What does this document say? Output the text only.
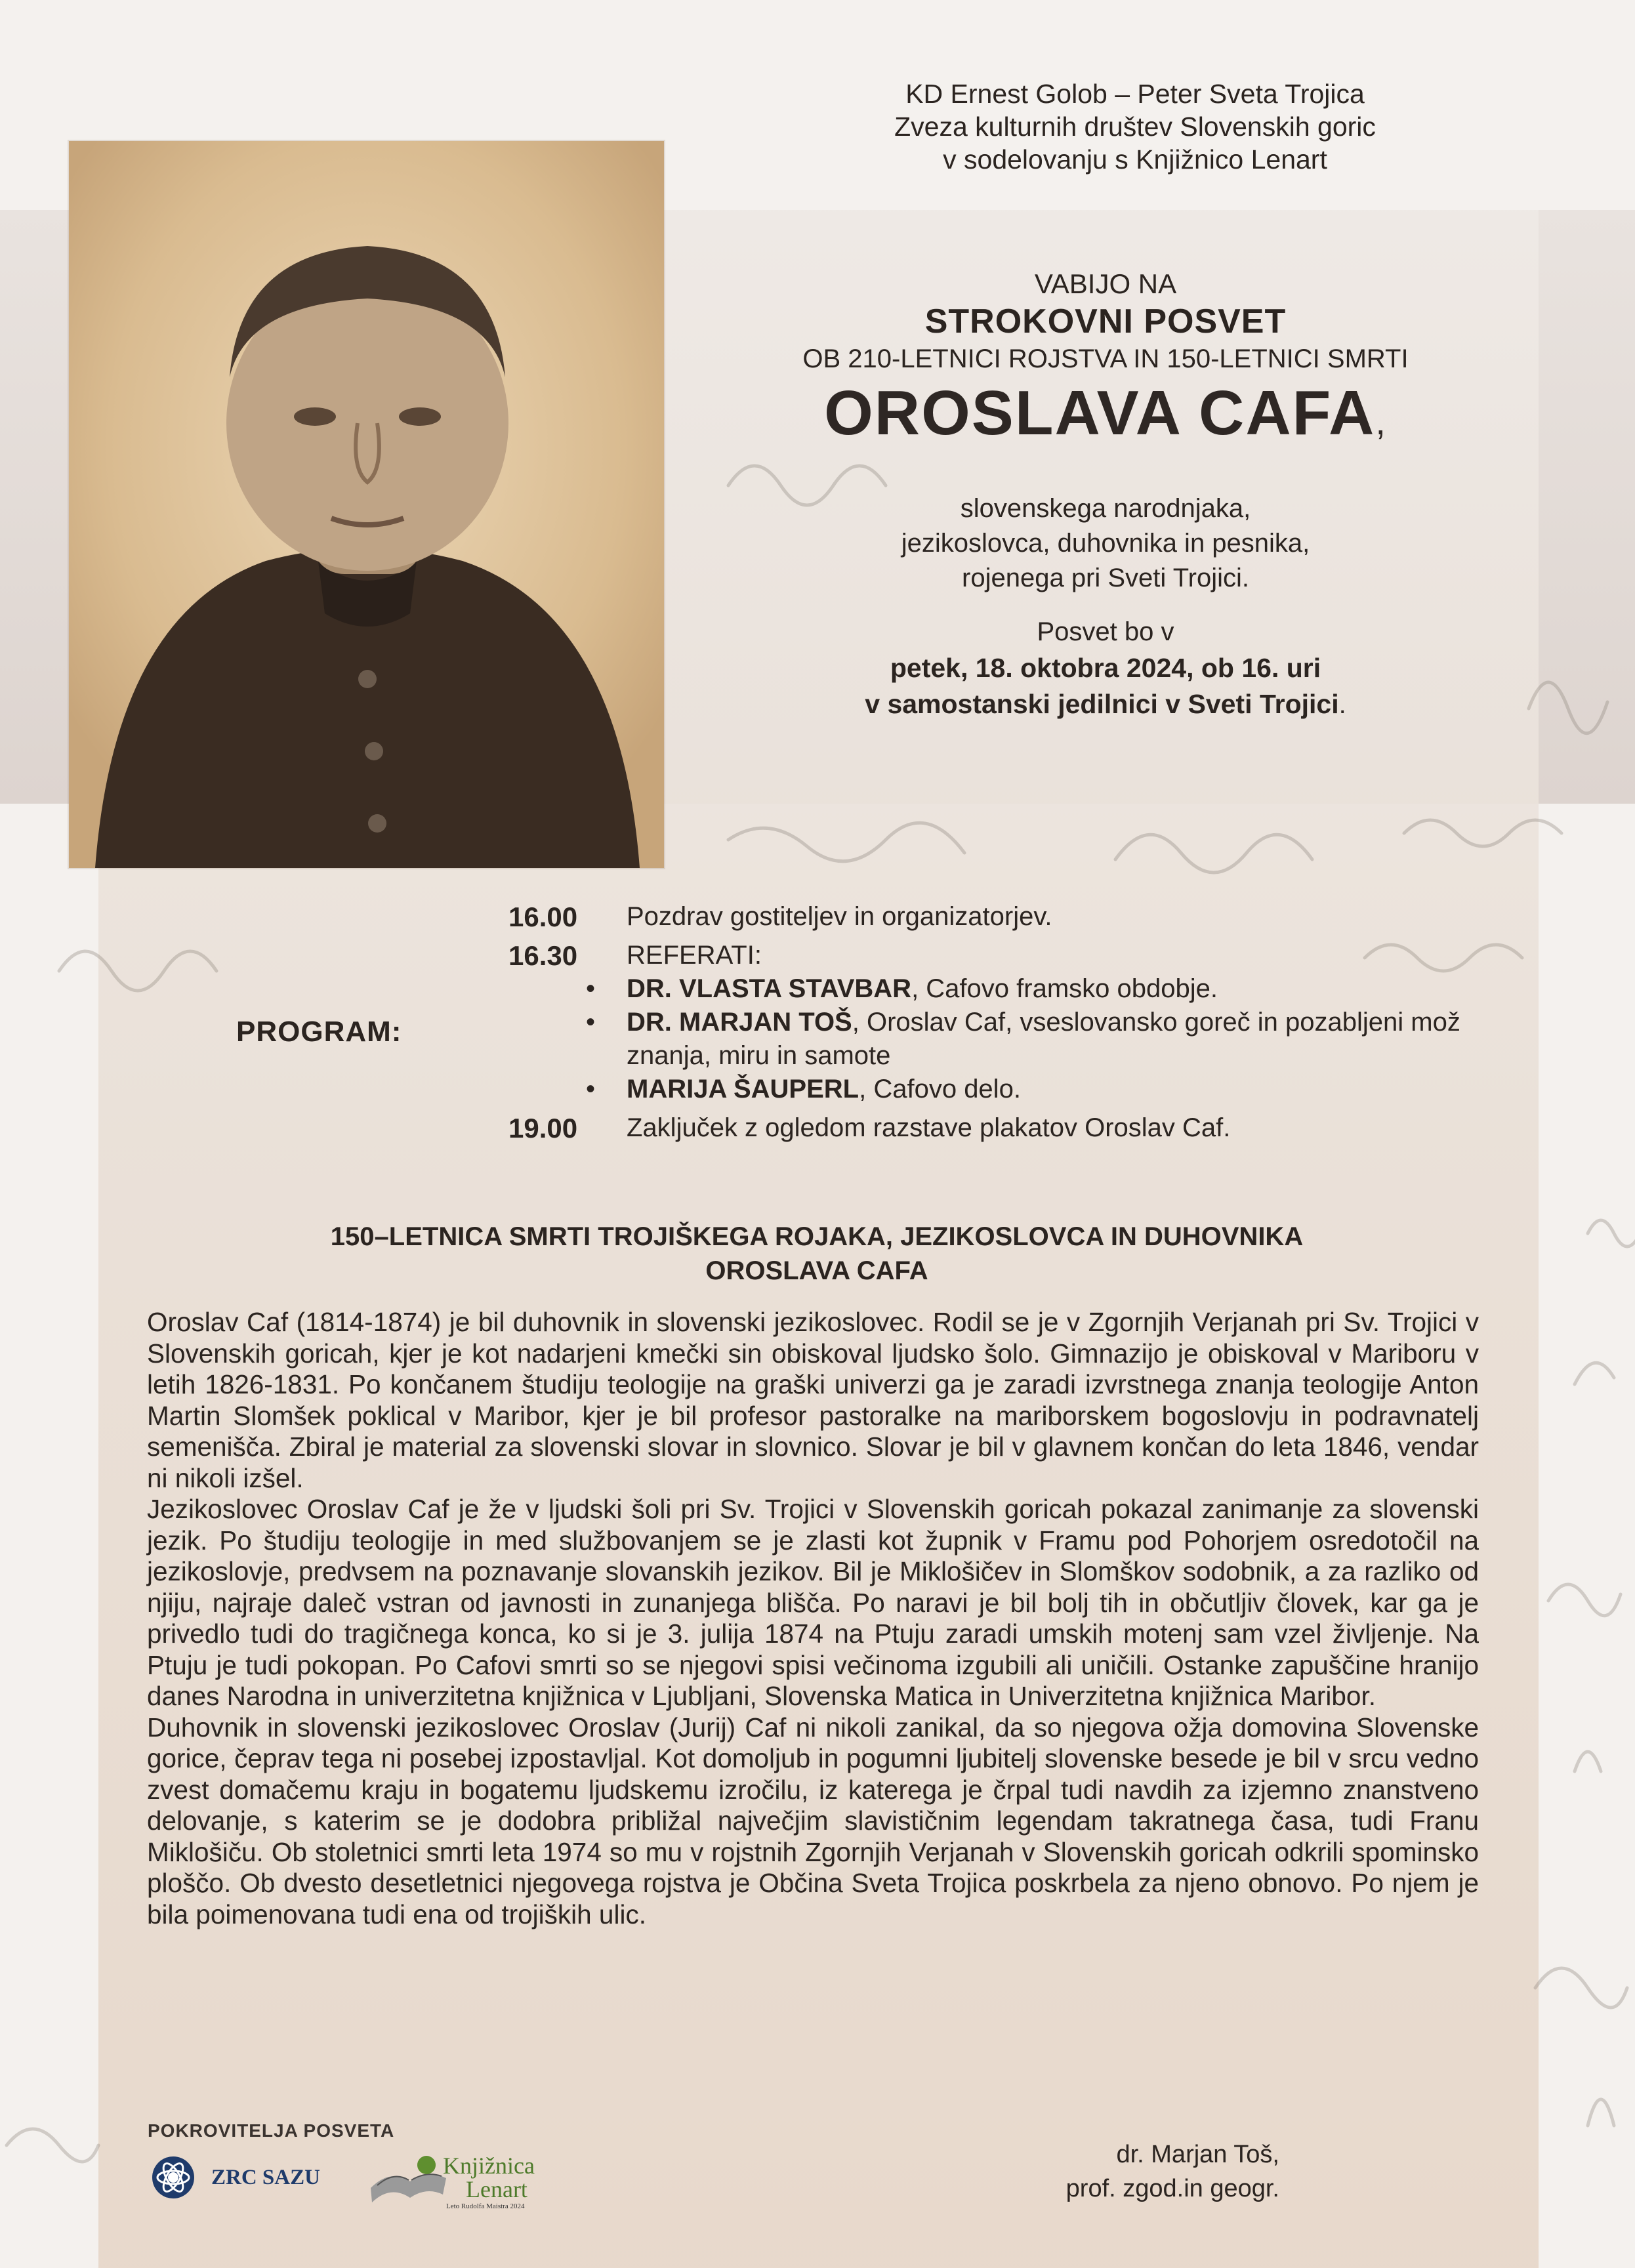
KD Ernest Golob – Peter Sveta Trojica
Zveza kulturnih društev Slovenskih goric
v sodelovanju s Knjižnico Lenart
VABIJO NA
STROKOVNI POSVET
OB 210-LETNICI ROJSTVA IN 150-LETNICI SMRTI
OROSLAVA CAFA,
slovenskega narodnjaka,
jezikoslovca, duhovnika in pesnika,
rojenega pri Sveti Trojici.
Posvet bo v
petek, 18. oktobra 2024, ob 16. uri
v samostanski jedilnici v Sveti Trojici.
PROGRAM:
16.00	Pozdrav gostiteljev in organizatorjev.
16.30	REFERATI:
• DR. VLASTA STAVBAR, Cafovo framsko obdobje.
• DR. MARJAN TOŠ, Oroslav Caf, vseslovansko goreč in pozabljeni mož znanja, miru in samote
• MARIJA ŠAUPERL, Cafovo delo.
19.00	Zaključek z ogledom razstave plakatov Oroslav Caf.
150–LETNICA SMRTI TROJIŠKEGA ROJAKA, JEZIKOSLOVCA IN DUHOVNIKA
OROSLAVA CAFA

Oroslav Caf (1814-1874) je bil duhovnik in slovenski jezikoslovec. Rodil se je v Zgornjih Verjanah pri Sv. Trojici v Slovenskih goricah, kjer je kot nadarjeni kmečki sin obiskoval ljudsko šolo. Gimnazijo je obiskoval v Mariboru v letih 1826-1831. Po končanem študiju teologije na graški univerzi ga je zaradi izvrstnega znanja teologije Anton Martin Slomšek poklical v Maribor, kjer je bil profesor pastoralke na mariborskem bogoslovju in podravnatelj semenišča. Zbiral je material za slovenski slovar in slovnico. Slovar je bil v glavnem končan do leta 1846, vendar ni nikoli izšel.

Jezikoslovec Oroslav Caf je že v ljudski šoli pri Sv. Trojici v Slovenskih goricah pokazal zanimanje za slovenski jezik. Po študiju teologije in med službovanjem se je zlasti kot župnik v Framu pod Pohorjem osredotočil na jezikoslovje, predvsem na poznavanje slovanskih jezikov. Bil je Miklošičev in Slomškov sodobnik, a za razliko od njiju, najraje daleč vstran od javnosti in zunanjega blišča. Po naravi je bil bolj tih in občutljiv človek, kar ga je privedlo tudi do tragičnega konca, ko si je 3. julija 1874 na Ptuju zaradi umskih motenj sam vzel življenje. Na Ptuju je tudi pokopan. Po Cafovi smrti so se njegovi spisi večinoma izgubili ali uničili. Ostanke zapuščine hranijo danes Narodna in univerzitetna knjižnica v Ljubljani, Slovenska Matica in Univerzitetna knjižnica Maribor.

Duhovnik in slovenski jezikoslovec Oroslav (Jurij) Caf ni nikoli zanikal, da so njegova ožja domovina Slovenske gorice, čeprav tega ni posebej izpostavljal. Kot domoljub in pogumni ljubitelj slovenske besede je bil v srcu vedno zvest domačemu kraju in bogatemu ljudskemu izročilu, iz katerega je črpal tudi navdih za izjemno znanstveno delovanje, s katerim se je dodobra približal največjim slavističnim legendam takratnega časa, tudi Franu Miklošiču. Ob stoletnici smrti leta 1974 so mu v rojstnih Zgornjih Verjanah v Slovenskih goricah odkrili spominsko ploščo. Ob dvesto desetletnici njegovega rojstva je Občina Sveta Trojica poskrbela za njeno obnovo. Po njem je bila poimenovana tudi ena od trojiških ulic.

POKROVITELJA POSVETA
ZRC SAZU	Knjižnica
Lenart
Leto Rudolfa Maistra 2024
dr. Marjan Toš,
prof. zgod.in geogr.
